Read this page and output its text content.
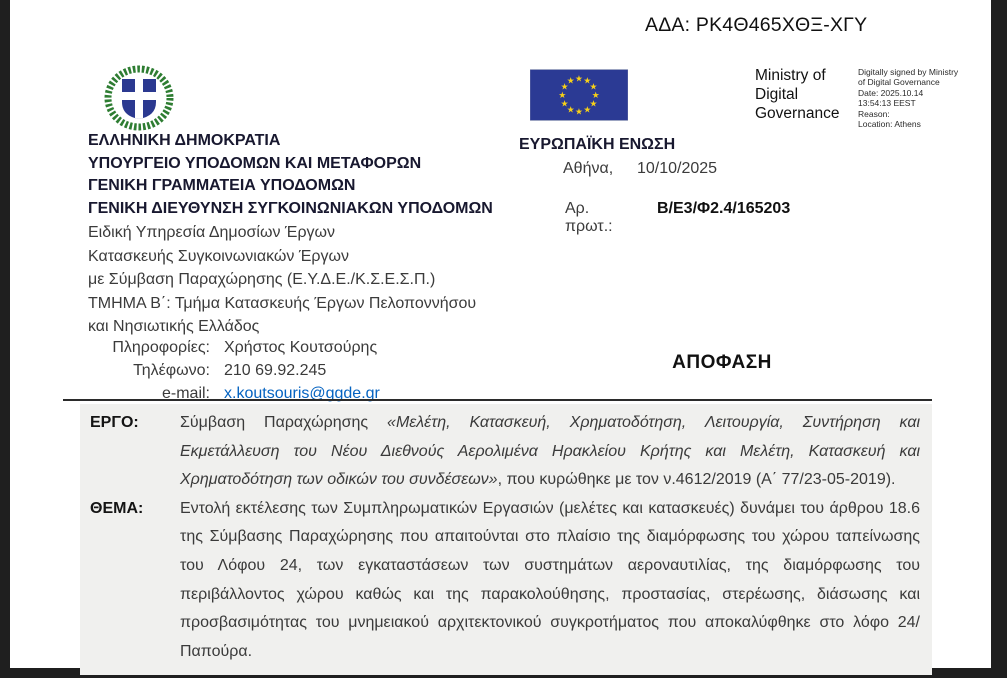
ΑΔΑ: ΡΚ4Θ465ΧΘΞ-ΧΓΥ
ΕΛΛΗΝΙΚΗ ΔΗΜΟΚΡΑΤΙΑ
ΥΠΟΥΡΓΕΙΟ ΥΠΟΔΟΜΩΝ ΚΑΙ ΜΕΤΑΦΟΡΩΝ
ΓΕΝΙΚΗ ΓΡΑΜΜΑΤΕΙΑ ΥΠΟΔΟΜΩΝ
ΓΕΝΙΚΗ ΔΙΕΥΘΥΝΣΗ ΣΥΓΚΟΙΝΩΝΙΑΚΩΝ ΥΠΟΔΟΜΩΝ
Ειδική Υπηρεσία Δημοσίων Έργων
Κατασκευής Συγκοινωνιακών Έργων
με Σύμβαση Παραχώρησης (Ε.Υ.Δ.Ε./Κ.Σ.Ε.Σ.Π.)
ΤΜΗΜΑ Β΄: Τμήμα Κατασκευής Έργων Πελοποννήσου
και Νησιωτικής Ελλάδος
Πληροφορίες: Χρήστος Κουτσούρης
Τηλέφωνο: 210 69.92.245
e-mail: x.koutsouris@ggde.gr
★ ★
★
★
★
★
★
★
★
★
★
★
ΕΥΡΩΠΑΪΚΗ ΕΝΩΣΗ
Αθήνα,	10/10/2025
Αρ. πρωτ.:
Β/Ε3/Φ2.4/165203
Ministry of
Digital
Governance
Digitally signed by Ministry
of Digital Governance
Date: 2025.10.14
13:54:13 EEST
Reason:
Location: Athens
ΑΠΟΦΑΣΗ
ΕΡΓΟ:	Σύμβαση Παραχώρησης «Μελέτη, Κατασκευή, Χρηματοδότηση, Λειτουργία, Συντήρηση και Εκμετάλλευση του Νέου Διεθνούς Αερολιμένα Ηρακλείου Κρήτης και Μελέτη, Κατασκευή και Χρηματοδότηση των οδικών του συνδέσεων», που κυρώθηκε με τον ν.4612/2019 (Α΄ 77/23-05-2019).
ΘΕΜΑ:	Εντολή εκτέλεσης των Συμπληρωματικών Εργασιών (μελέτες και κατασκευές) δυνάμει του άρθρου 18.6 της Σύμβασης Παραχώρησης που απαιτούνται στο πλαίσιο της διαμόρφωσης του χώρου ταπείνωσης του Λόφου 24, των εγκαταστάσεων των συστημάτων αεροναυτιλίας, της διαμόρφωσης του περιβάλλοντος χώρου καθώς και της παρακολούθησης, προστασίας, στερέωσης, διάσωσης και προσβασιμότητας του μνημειακού αρχιτεκτονικού συγκροτήματος που αποκαλύφθηκε στο λόφο 24/Παπούρα.
